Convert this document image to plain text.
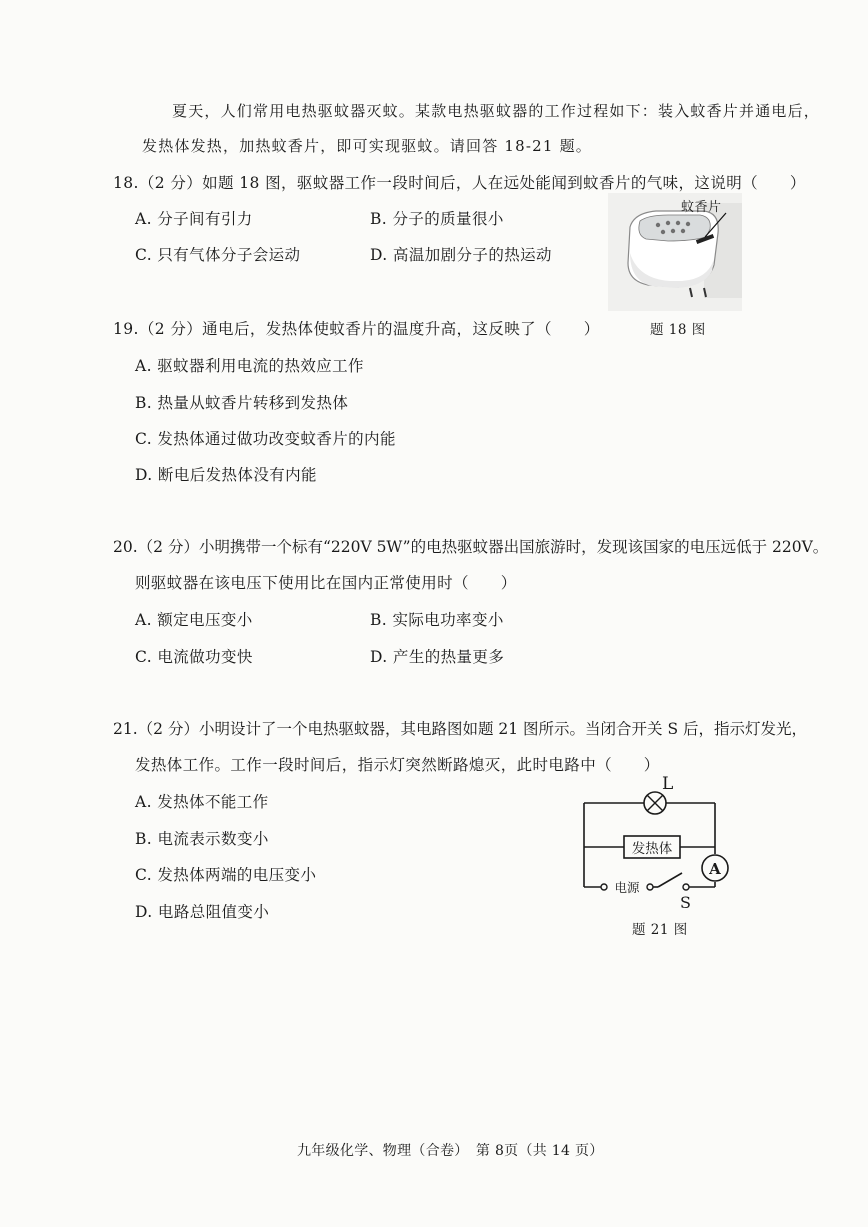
夏天，人们常用电热驱蚊器灭蚊。某款电热驱蚊器的工作过程如下：装入蚊香片并通电后，
发热体发热，加热蚊香片，即可实现驱蚊。请回答 18-21 题。
18.（2 分）如题 18 图，驱蚊器工作一段时间后，人在远处能闻到蚊香片的气味，这说明（　　）
A. 分子间有引力	B. 分子的质量很小
C. 只有气体分子会运动	D. 高温加剧分子的热运动
蚊香片
题 18 图
19.（2 分）通电后，发热体使蚊香片的温度升高，这反映了（　　）
A. 驱蚊器利用电流的热效应工作
B. 热量从蚊香片转移到发热体
C. 发热体通过做功改变蚊香片的内能
D. 断电后发热体没有内能
20.（2 分）小明携带一个标有“220V 5W”的电热驱蚊器出国旅游时，发现该国家的电压远低于 220V。
则驱蚊器在该电压下使用比在国内正常使用时（　　）
A. 额定电压变小	B. 实际电功率变小
C. 电流做功变快	D. 产生的热量更多
21.（2 分）小明设计了一个电热驱蚊器，其电路图如题 21 图所示。当闭合开关 S 后，指示灯发光，
发热体工作。工作一段时间后，指示灯突然断路熄灭，此时电路中（　　）
A. 发热体不能工作
B. 电流表示数变小
C. 发热体两端的电压变小
D. 电路总阻值变小
L
发热体
A
电源
S
题 21 图
九年级化学、物理（合卷）　第 8页（共 14 页）
